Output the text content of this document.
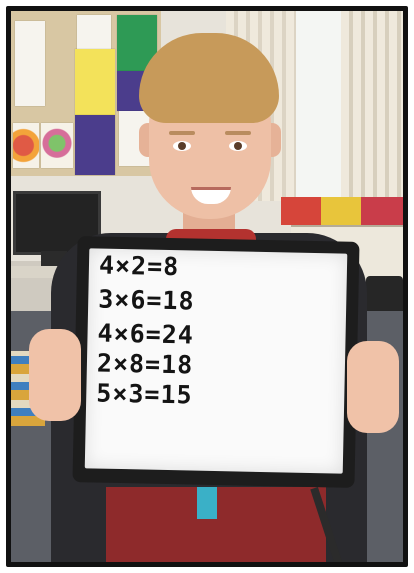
4×2=8
3×6=18
4×6=24
2×8=18
5×3=15
